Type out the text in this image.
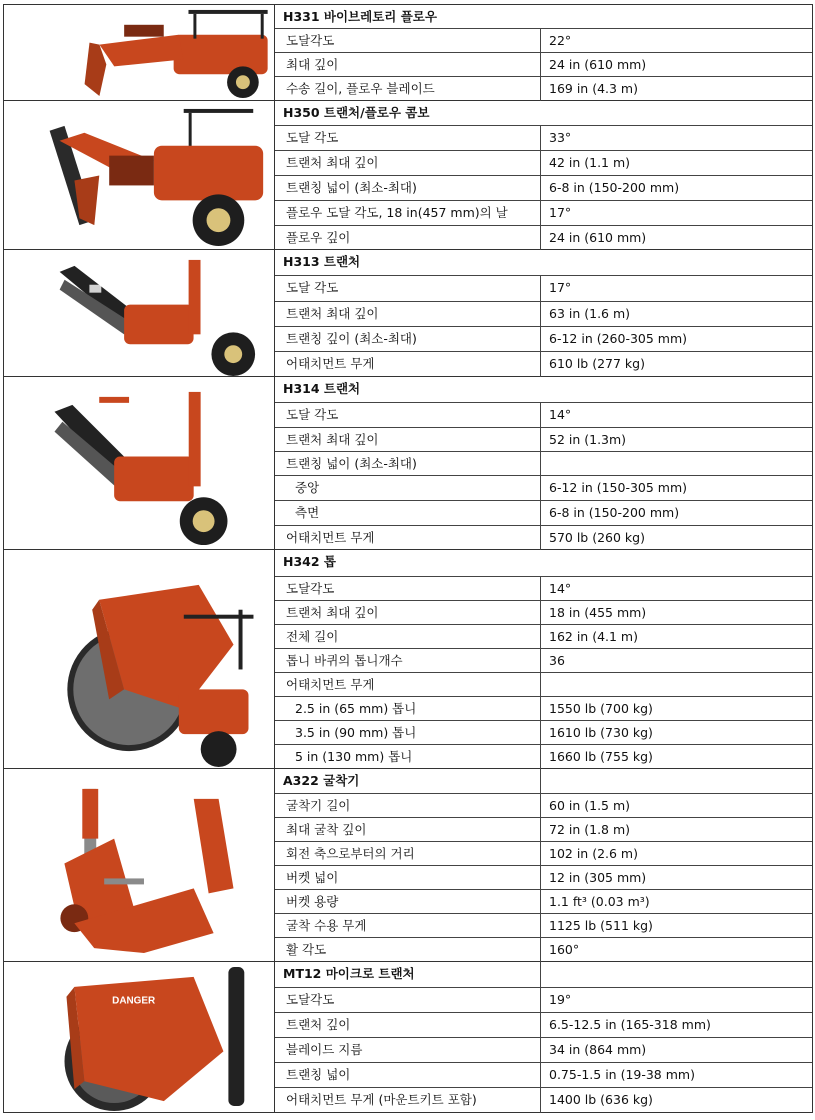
H331 바이브레토리 플로우
도달각도	22°
최대 깊이	24 in (610 mm)
수송 길이, 플로우 블레이드	169 in (4.3 m)
H350 트랜처/플로우 콤보
도달 각도	33°
트랜처 최대 깊이	42 in (1.1 m)
트랜칭 넓이 (최소-최대)	6-8 in (150-200 mm)
플로우 도달 각도, 18 in(457 mm)의 날	17°
플로우 깊이	24 in (610 mm)
H313 트랜처
도달 각도	17°
트랜처 최대 깊이	63 in (1.6 m)
트랜칭 깊이 (최소-최대)	6-12 in (260-305 mm)
어태치먼트 무게	610 lb (277 kg)
H314 트랜처
도달 각도	14°
트랜처 최대 깊이	52 in (1.3m)
트랜칭 넓이 (최소-최대)
중앙	6-12 in (150-305 mm)
측면	6-8 in (150-200 mm)
어태치먼트 무게	570 lb (260 kg)
H342 톱
도달각도	14°
트랜처 최대 깊이	18 in (455 mm)
전체 길이	162 in (4.1 m)
톱니 바퀴의 톱니개수	36
어태치먼트 무게
2.5 in (65 mm) 톱니	1550 lb (700 kg)
3.5 in (90 mm) 톱니	1610 lb (730 kg)
5 in (130 mm) 톱니	1660 lb (755 kg)
A322 굴착기
굴착기 길이	60 in (1.5 m)
최대 굴착 깊이	72 in (1.8 m)
회전 축으로부터의 거리	102 in (2.6 m)
버켓 넓이	12 in (305 mm)
버켓 용량	1.1 ft³ (0.03 m³)
굴착 수용 무게	1125 lb (511 kg)
활 각도	160°
DANGER
MT12 마이크로 트랜처
도달각도	19°
트랜처 깊이	6.5-12.5 in (165-318 mm)
블레이드 지름	34 in (864 mm)
트랜칭 넓이	0.75-1.5 in (19-38 mm)
어태치먼트 무게 (마운트키트 포함)	1400 lb (636 kg)
